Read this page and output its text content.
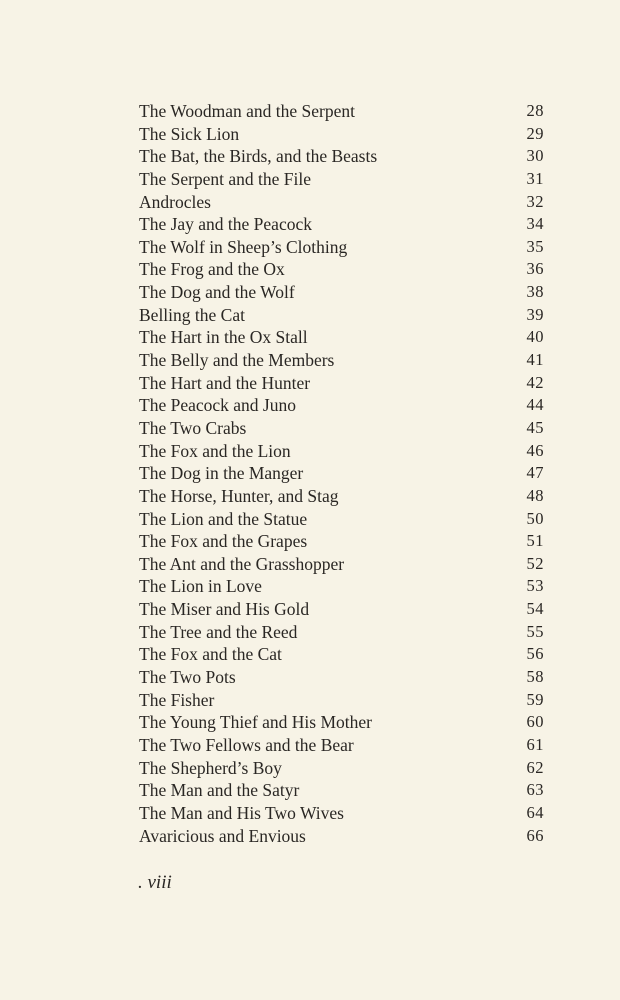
The Woodman and the Serpent	28
The Sick Lion	29
The Bat, the Birds, and the Beasts	30
The Serpent and the File	31
Androcles	32
The Jay and the Peacock	34
The Wolf in Sheep’s Clothing	35
The Frog and the Ox	36
The Dog and the Wolf	38
Belling the Cat	39
The Hart in the Ox Stall	40
The Belly and the Members	41
The Hart and the Hunter	42
The Peacock and Juno	44
The Two Crabs	45
The Fox and the Lion	46
The Dog in the Manger	47
The Horse, Hunter, and Stag	48
The Lion and the Statue	50
The Fox and the Grapes	51
The Ant and the Grasshopper	52
The Lion in Love	53
The Miser and His Gold	54
The Tree and the Reed	55
The Fox and the Cat	56
The Two Pots	58
The Fisher	59
The Young Thief and His Mother	60
The Two Fellows and the Bear	61
The Shepherd’s Boy	62
The Man and the Satyr	63
The Man and His Two Wives	64
Avaricious and Envious	66
. viii
